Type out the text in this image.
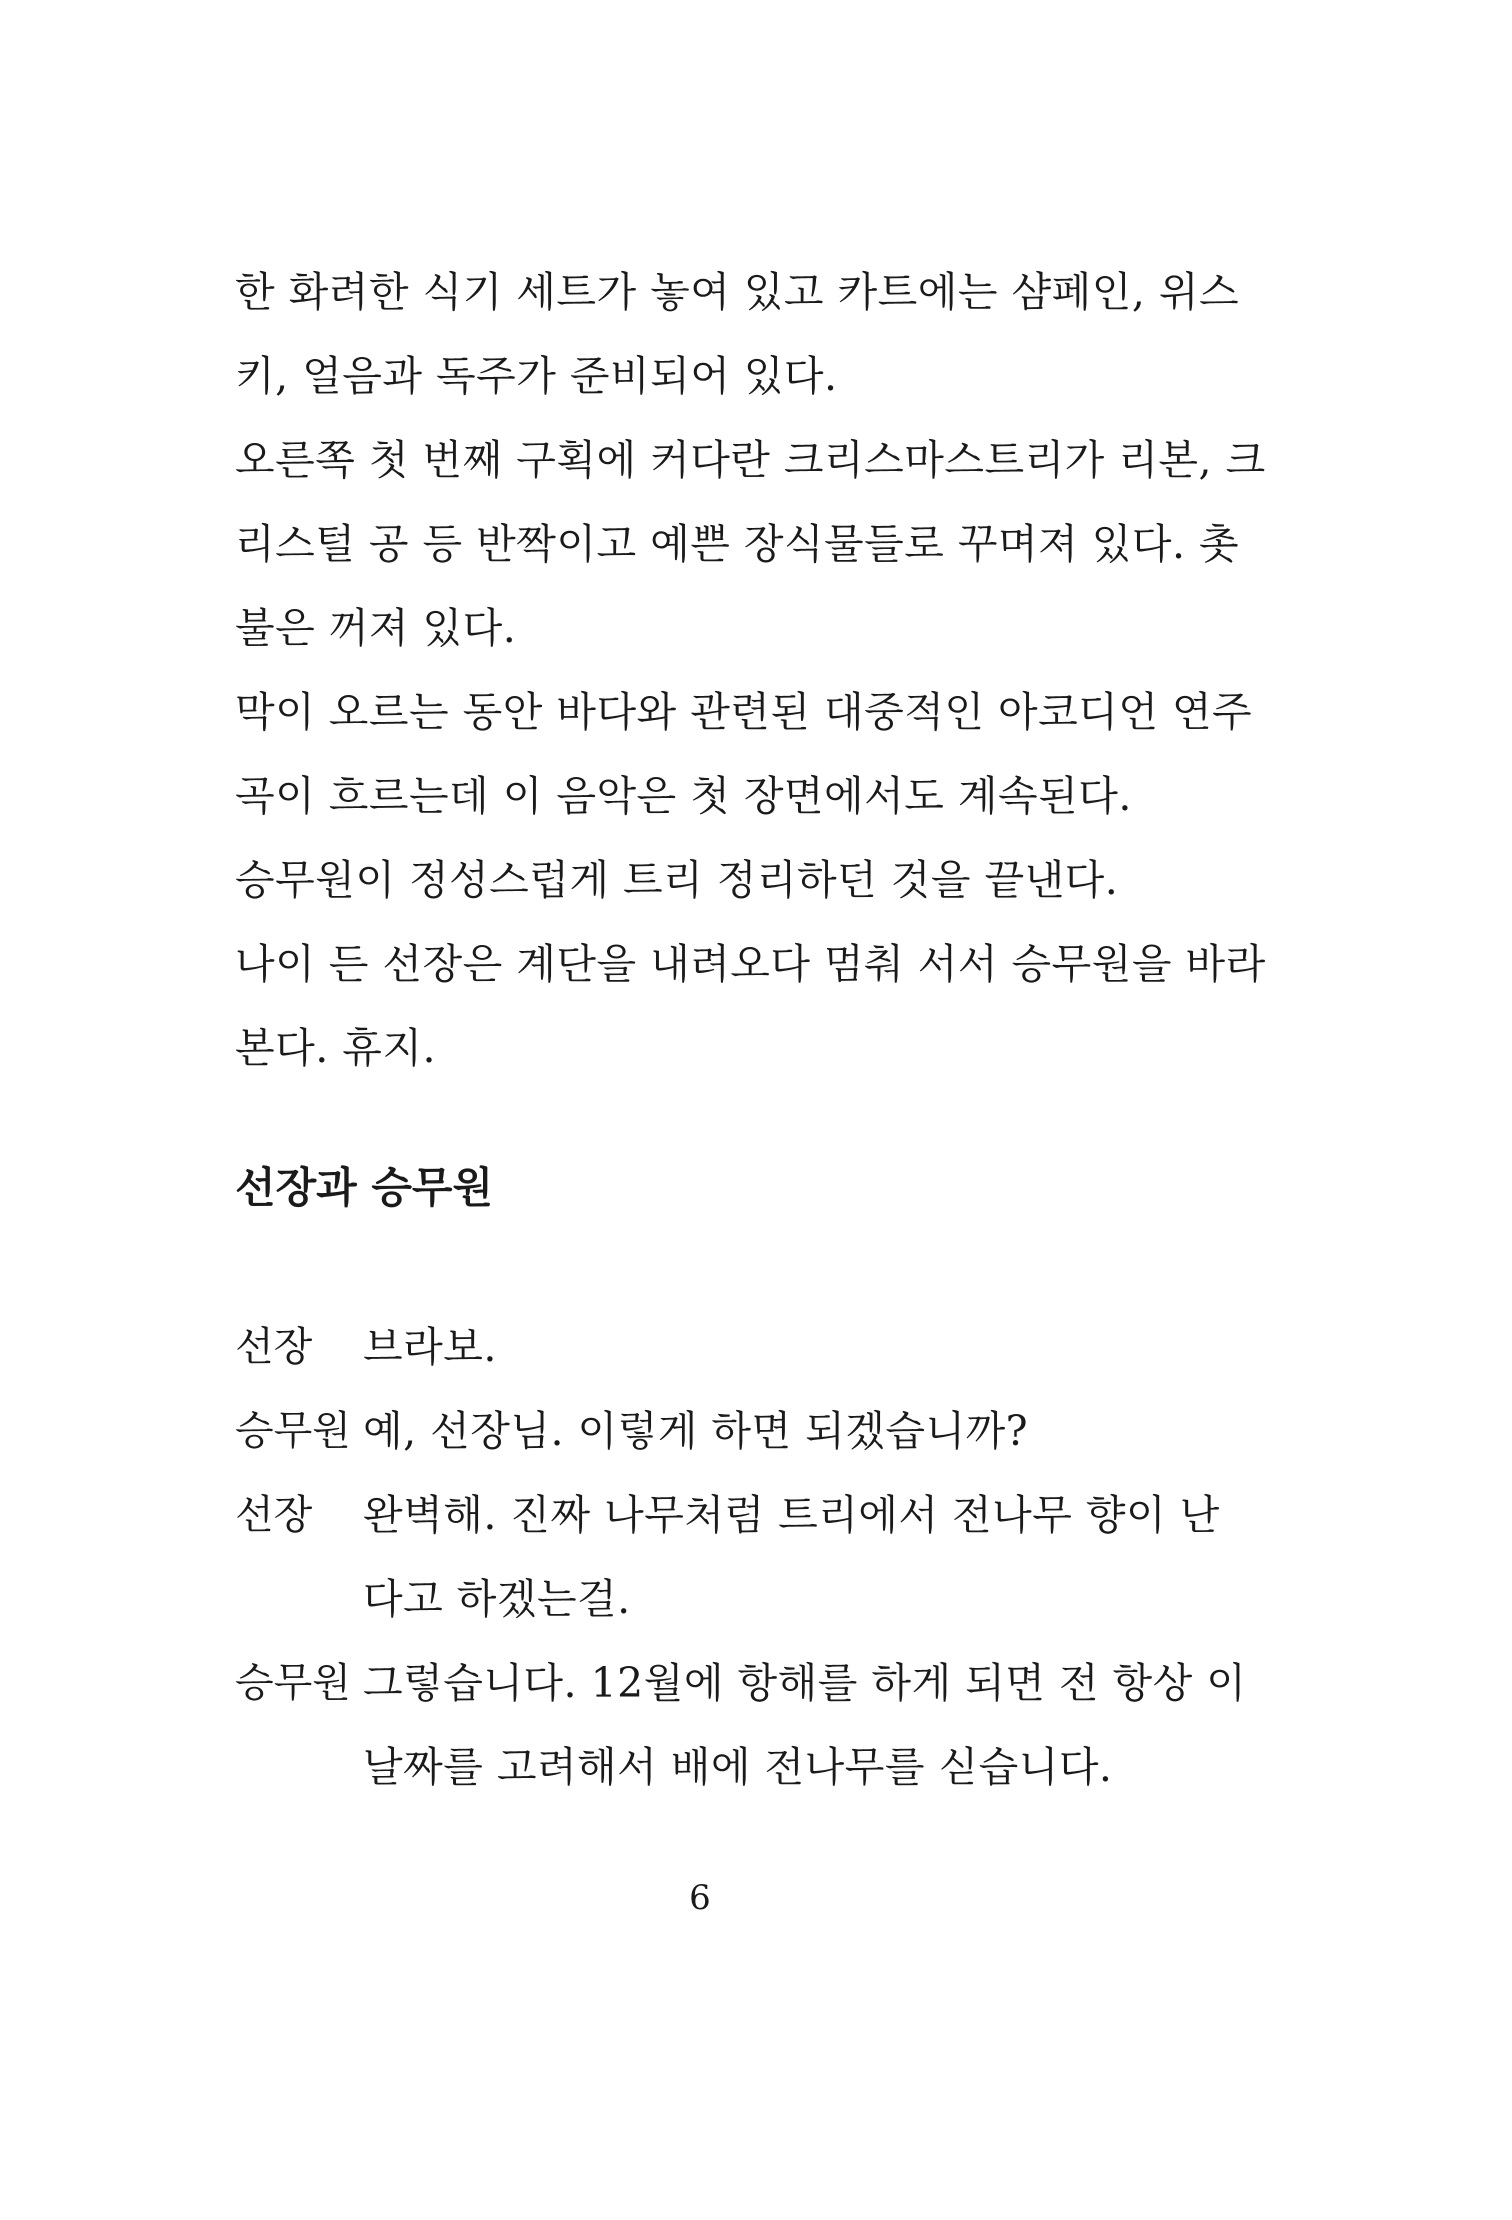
한 화려한 식기 세트가 놓여 있고 카트에는 샴페인, 위스

키, 얼음과 독주가 준비되어 있다.

오른쪽 첫 번째 구획에 커다란 크리스마스트리가 리본, 크

리스털 공 등 반짝이고 예쁜 장식물들로 꾸며져 있다. 촛

불은 꺼져 있다.

막이 오르는 동안 바다와 관련된 대중적인 아코디언 연주

곡이 흐르는데 이 음악은 첫 장면에서도 계속된다.

승무원이 정성스럽게 트리 정리하던 것을 끝낸다.

나이 든 선장은 계단을 내려오다 멈춰 서서 승무원을 바라

본다. 휴지.

선장과 승무원
선장	브라보.
승무원 예, 선장님. 이렇게 하면 되겠습니까?
선장	완벽해. 진짜 나무처럼 트리에서 전나무 향이 난
다고 하겠는걸.
승무원 그렇습니다. 12월에 항해를 하게 되면 전 항상 이
날짜를 고려해서 배에 전나무를 싣습니다.
6
